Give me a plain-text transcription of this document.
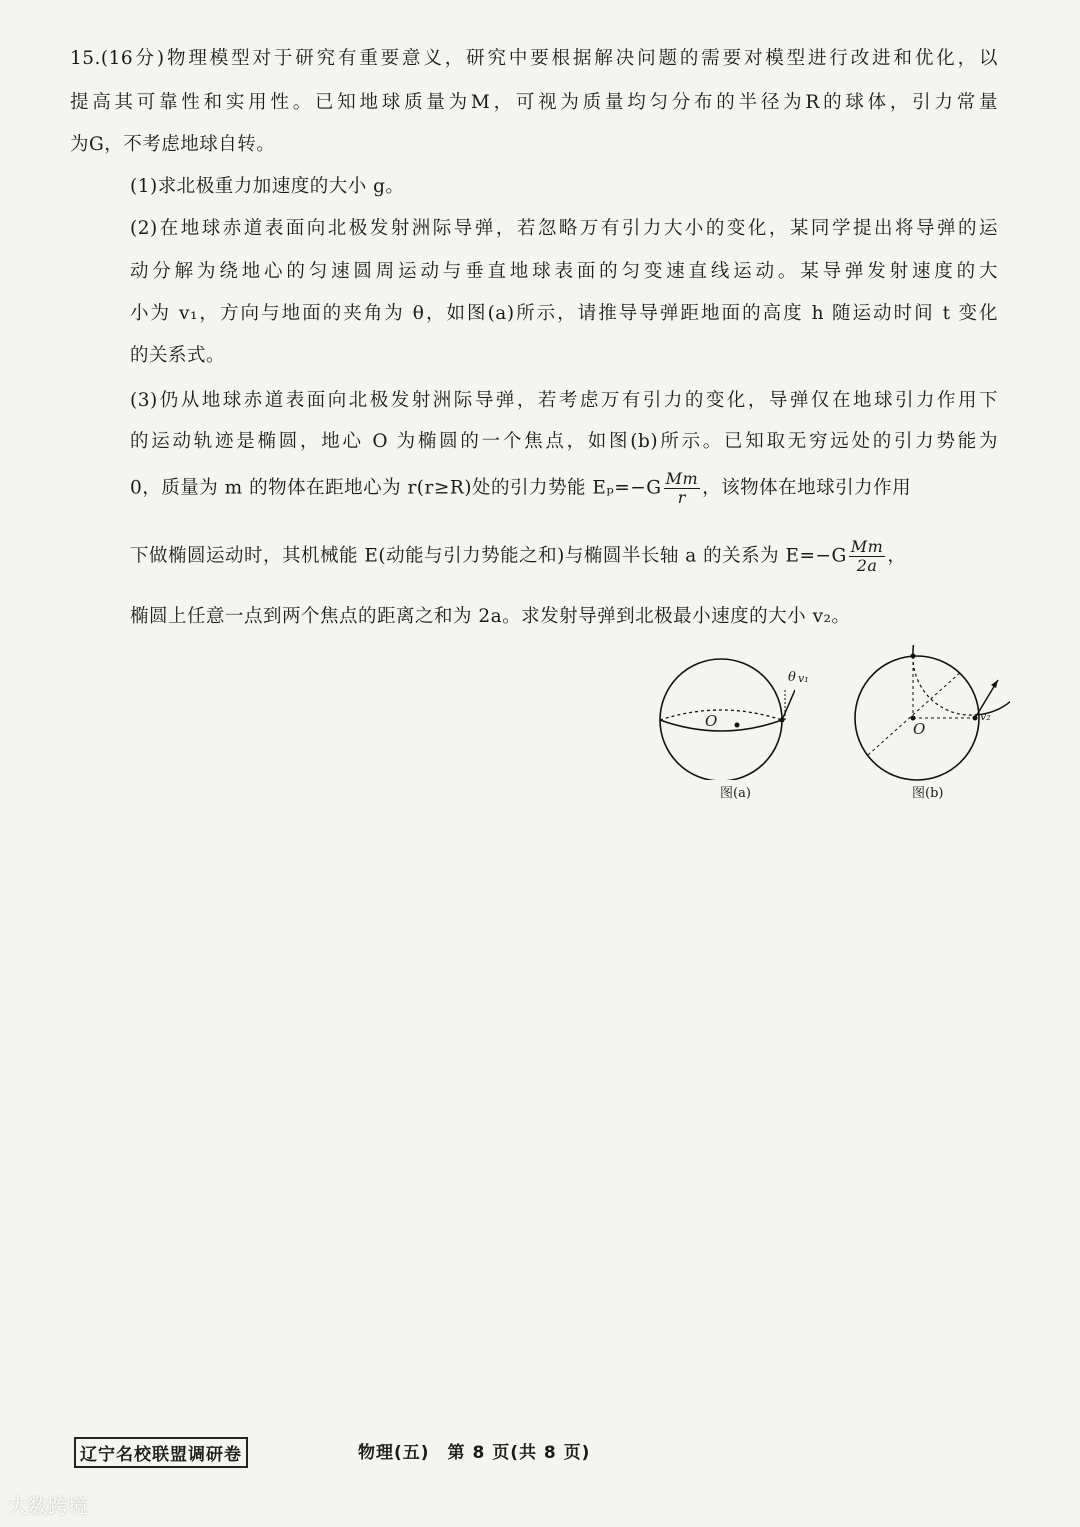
15.(16分)物理模型对于研究有重要意义，研究中要根据解决问题的需要对模型进行改进和优化，以
提高其可靠性和实用性。已知地球质量为M，可视为质量均匀分布的半径为R的球体，引力常量
为G，不考虑地球自转。
(1)求北极重力加速度的大小 g。
(2)在地球赤道表面向北极发射洲际导弹，若忽略万有引力大小的变化，某同学提出将导弹的运
动分解为绕地心的匀速圆周运动与垂直地球表面的匀变速直线运动。某导弹发射速度的大
小为 v₁，方向与地面的夹角为 θ，如图(a)所示，请推导导弹距地面的高度 h 随运动时间 t 变化
的关系式。
(3)仍从地球赤道表面向北极发射洲际导弹，若考虑万有引力的变化，导弹仅在地球引力作用下
的运动轨迹是椭圆，地心 O 为椭圆的一个焦点，如图(b)所示。已知取无穷远处的引力势能为
0，质量为 m 的物体在距地心为 r(r≥R)处的引力势能 $E_p=-G \frac{Mm}{r}$ ，该物体在地球引力作用
下做椭圆运动时，其机械能 E(动能与引力势能之和)与椭圆半长轴 a 的关系为 $E=-G \frac{Mm}{2a}$ ，
椭圆上任意一点到两个焦点的距离之和为 2a。求发射导弹到北极最小速度的大小 v₂。
O
θ v₁
图(a)
O
v₂
图(b)
辽宁名校联盟调研卷	物理(五)　第 8 页(共 8 页)
大数跨境
